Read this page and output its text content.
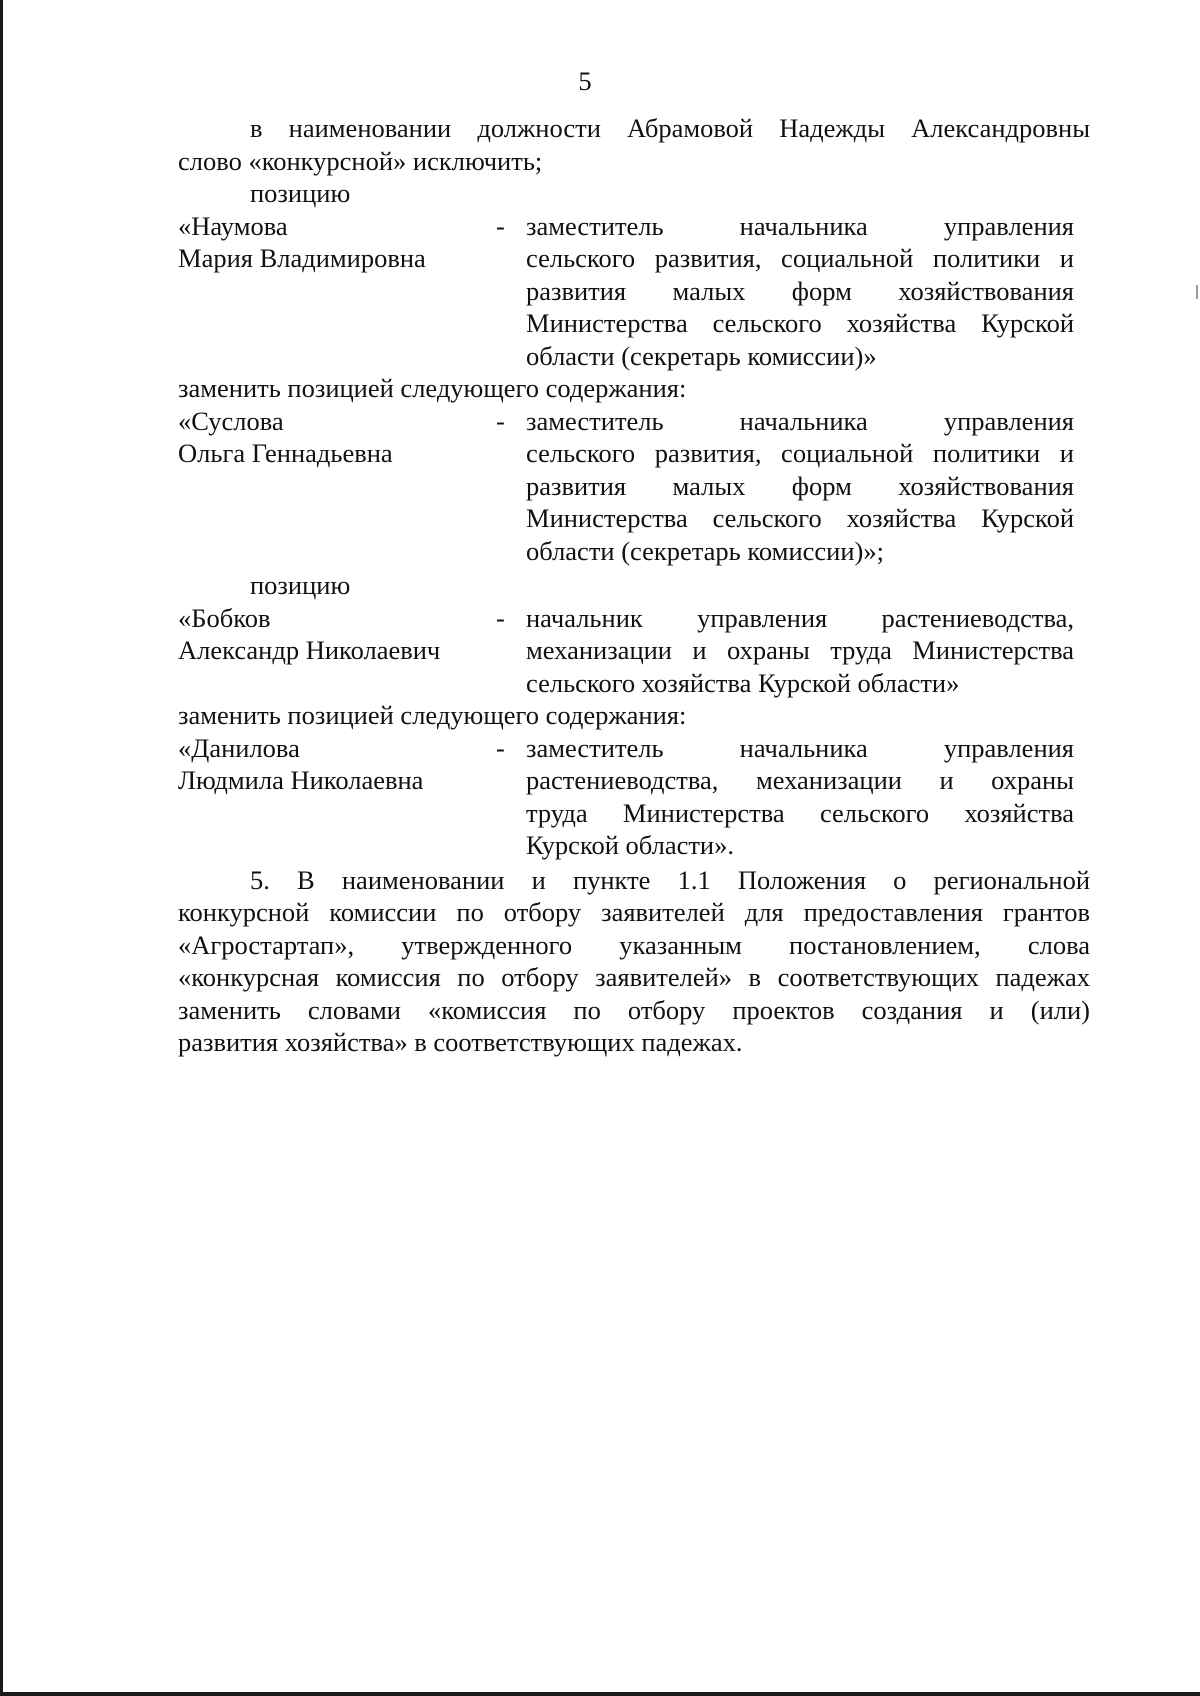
5
в наименовании должности Абрамовой Надежды Александровны
слово «конкурсной» исключить;
позицию
«Наумова
Мария Владимировна
- заместитель начальника управления
сельского развития, социальной политики и
развития малых форм хозяйствования
Министерства сельского хозяйства Курской
области (секретарь комиссии)»
заменить позицией следующего содержания:
«Суслова
Ольга Геннадьевна
- заместитель начальника управления
сельского развития, социальной политики и
развития малых форм хозяйствования
Министерства сельского хозяйства Курской
области (секретарь комиссии)»;
позицию
«Бобков
Александр Николаевич
- начальник управления растениеводства,
механизации и охраны труда Министерства
сельского хозяйства Курской области»
заменить позицией следующего содержания:
«Данилова
Людмила Николаевна
- заместитель начальника управления
растениеводства, механизации и охраны
труда Министерства сельского хозяйства
Курской области».
5. В наименовании и пункте 1.1 Положения о региональной
конкурсной комиссии по отбору заявителей для предоставления грантов
«Агростартап», утвержденного указанным постановлением, слова
«конкурсная комиссия по отбору заявителей» в соответствующих падежах
заменить словами «комиссия по отбору проектов создания и (или)
развития хозяйства» в соответствующих падежах.
